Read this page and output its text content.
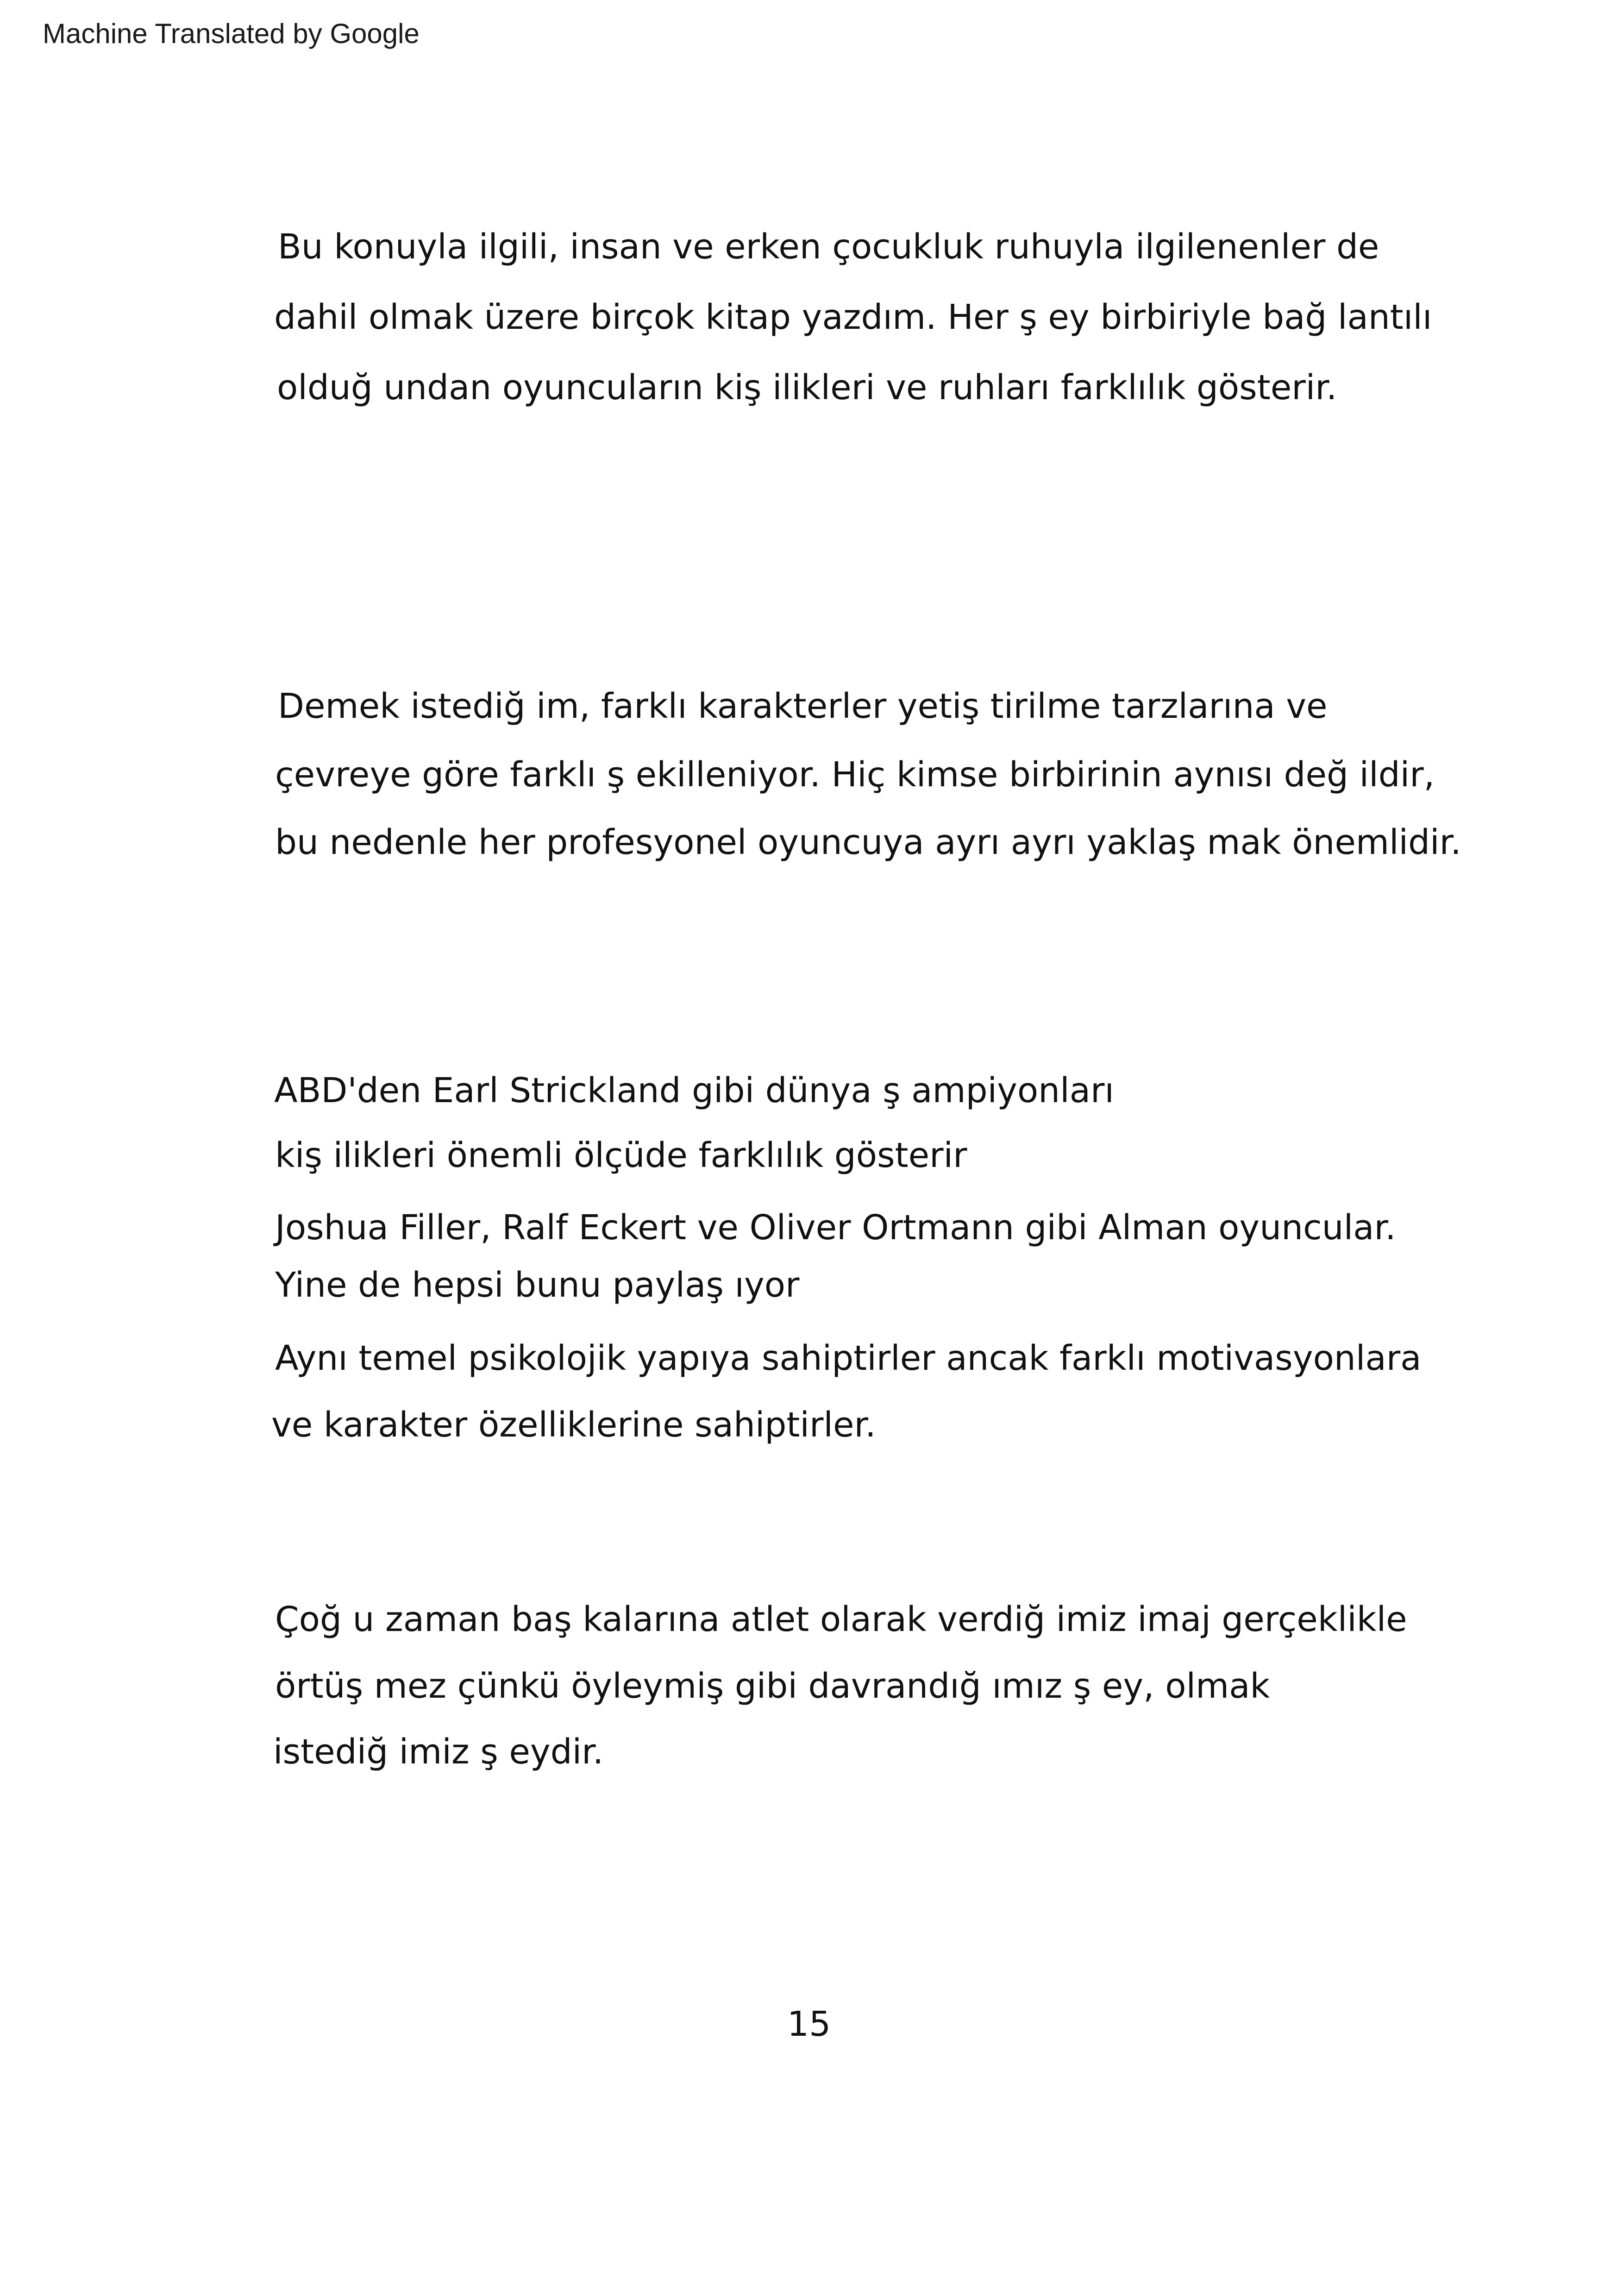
Machine Translated by Google
Bu konuyla ilgili, insan ve erken çocukluk ruhuyla ilgilenenler de
dahil olmak üzere birçok kitap yazdım. Her ş ey birbiriyle bağ lantılı
olduğ undan oyuncuların kiş ilikleri ve ruhları farklılık gösterir.
Demek istediğ im, farklı karakterler yetiş tirilme tarzlarına ve
çevreye göre farklı ş ekilleniyor. Hiç kimse birbirinin aynısı değ ildir,
bu nedenle her profesyonel oyuncuya ayrı ayrı yaklaş mak önemlidir.
ABD'den Earl Strickland gibi dünya ş ampiyonları
kiş ilikleri önemli ölçüde farklılık gösterir
Joshua Filler, Ralf Eckert ve Oliver Ortmann gibi Alman oyuncular.
Yine de hepsi bunu paylaş ıyor
Aynı temel psikolojik yapıya sahiptirler ancak farklı motivasyonlara
ve karakter özelliklerine sahiptirler.
Çoğ u zaman baş kalarına atlet olarak verdiğ imiz imaj gerçeklikle
örtüş mez çünkü öyleymiş gibi davrandığ ımız ş ey, olmak
istediğ imiz ş eydir.
15
